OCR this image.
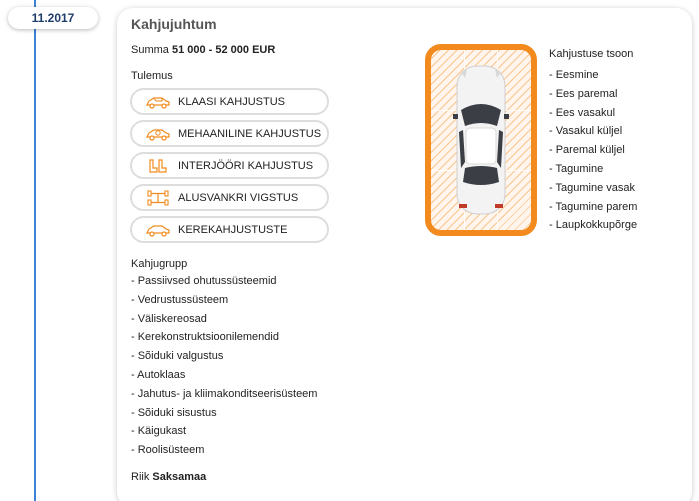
11.2017	Kahjujuhtum
Summa 51 000 - 52 000 EUR
Tulemus
KLAASI KAHJUSTUS
MEHAANILINE KAHJUSTUS
INTERJÖÖRI KAHJUSTUS
ALUSVANKRI VIGSTUS
KEREKAHJUSTUSTE
Kahjugrupp
- Passiivsed ohutussüsteemid
- Vedrustussüsteem
- Väliskereosad
- Kerekonstruktsioonilemendid
- Sõiduki valgustus
- Autoklaas
- Jahutus- ja kliimakonditseerisüsteem
- Sõiduki sisustus
- Käigukast
- Roolisüsteem
Riik Saksamaa
Kahjustuse tsoon
- Eesmine
- Ees paremal
- Ees vasakul
- Vasakul küljel
- Paremal küljel
- Tagumine
- Tagumine vasak
- Tagumine parem
- Laupkokkupõrge
